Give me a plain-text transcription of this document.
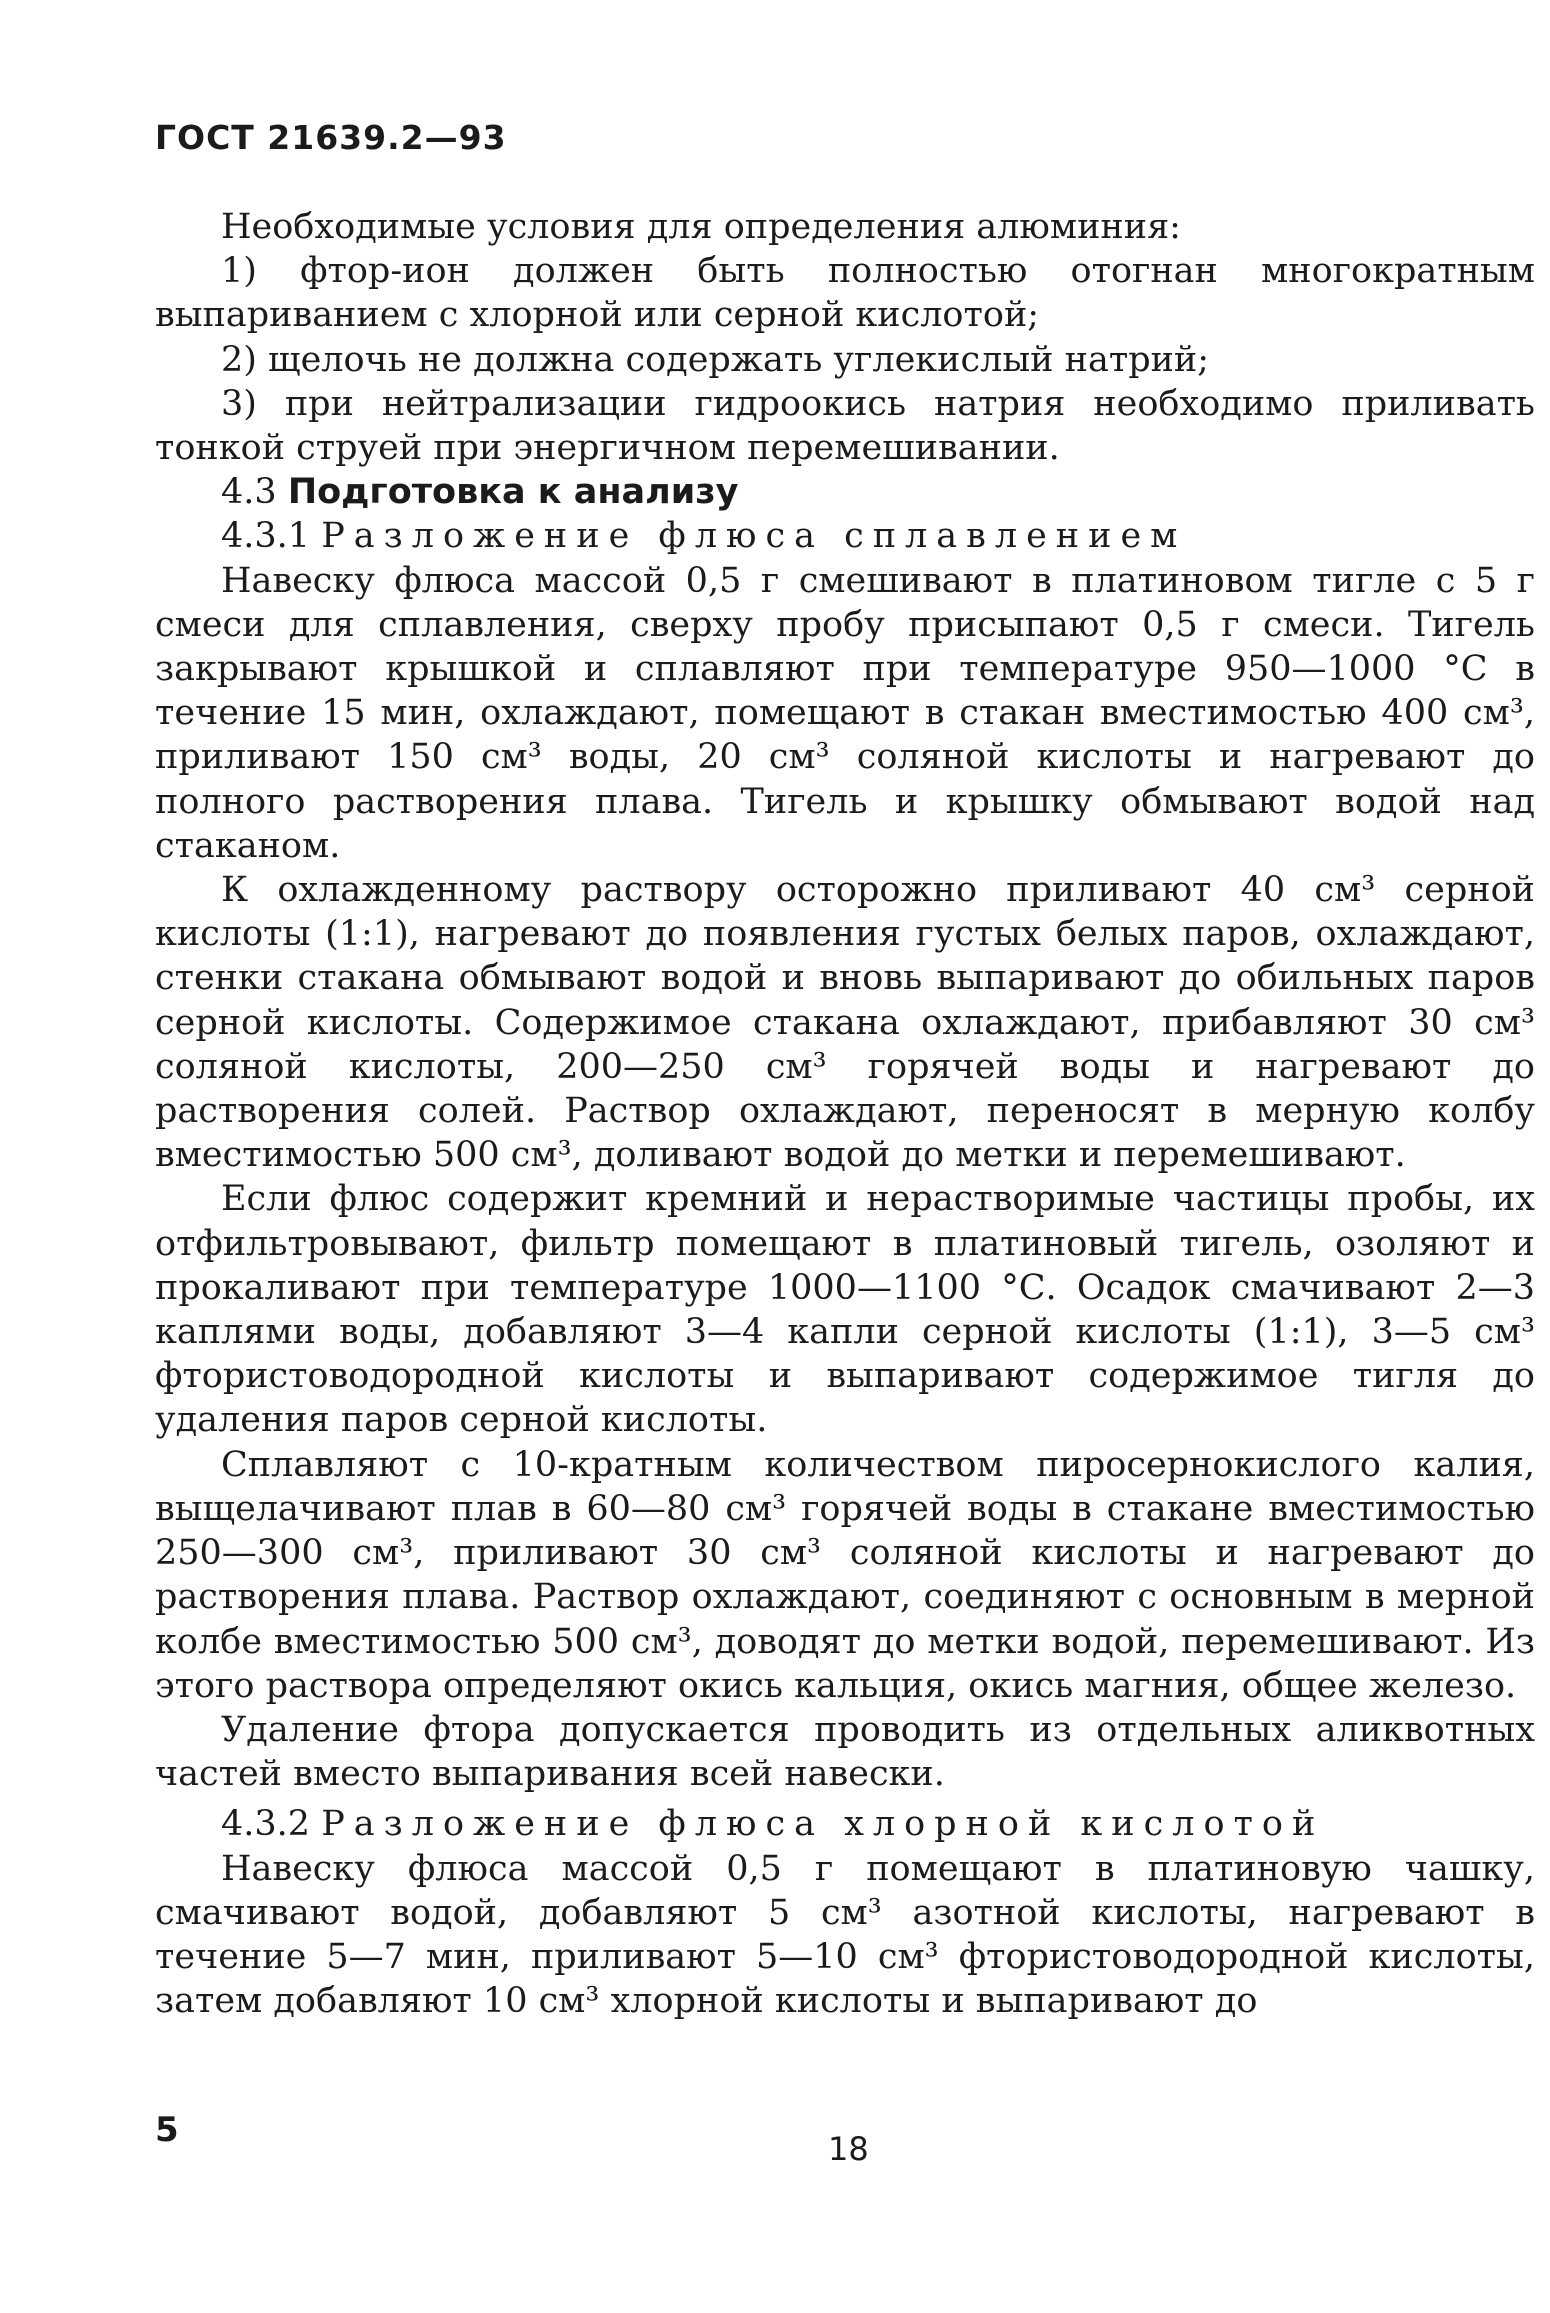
ГОСТ 21639.2—93

Необходимые условия для определения алюминия:

1) фтор-ион должен быть полностью отогнан многократным выпариванием с хлорной или серной кислотой;

2) щелочь не должна содержать углекислый натрий;

3) при нейтрализации гидроокись натрия необходимо приливать тонкой струей при энергичном перемешивании.

4.3 Подготовка к анализу

4.3.1 Разложение флюса сплавлением

Навеску флюса массой 0,5 г смешивают в платиновом тигле с 5 г смеси для сплавления, сверху пробу присыпают 0,5 г смеси. Тигель закрывают крышкой и сплавляют при температуре 950—1000 °С в течение 15 мин, охлаждают, помещают в стакан вместимостью 400 см³, приливают 150 см³ воды, 20 см³ соляной кислоты и нагревают до полного растворения плава. Тигель и крышку обмывают водой над стаканом.

К охлажденному раствору осторожно приливают 40 см³ серной кислоты (1:1), нагревают до появления густых белых паров, охлаждают, стенки стакана обмывают водой и вновь выпаривают до обильных паров серной кислоты. Содержимое стакана охлаждают, прибавляют 30 см³ соляной кислоты, 200—250 см³ горячей воды и нагревают до растворения солей. Раствор охлаждают, переносят в мерную колбу вместимостью 500 см³, доливают водой до метки и перемешивают.

Если флюс содержит кремний и нерастворимые частицы пробы, их отфильтровывают, фильтр помещают в платиновый тигель, озоляют и прокаливают при температуре 1000—1100 °С. Осадок смачивают 2—3 каплями воды, добавляют 3—4 капли серной кислоты (1:1), 3—5 см³ фтористоводородной кислоты и выпаривают содержимое тигля до удаления паров серной кислоты.

Сплавляют с 10-кратным количеством пиросернокислого калия, выщелачивают плав в 60—80 см³ горячей воды в стакане вместимостью 250—300 см³, приливают 30 см³ соляной кислоты и нагревают до растворения плава. Раствор охлаждают, соединяют с основным в мерной колбе вместимостью 500 см³, доводят до метки водой, перемешивают. Из этого раствора определяют окись кальция, окись магния, общее железо.

Удаление фтора допускается проводить из отдельных аликвотных частей вместо выпаривания всей навески.

4.3.2 Разложение флюса хлорной кислотой

Навеску флюса массой 0,5 г помещают в платиновую чашку, смачивают водой, добавляют 5 см³ азотной кислоты, нагревают в течение 5—7 мин, приливают 5—10 см³ фтористоводородной кислоты, затем добавляют 10 см³ хлорной кислоты и выпаривают до

5	18
